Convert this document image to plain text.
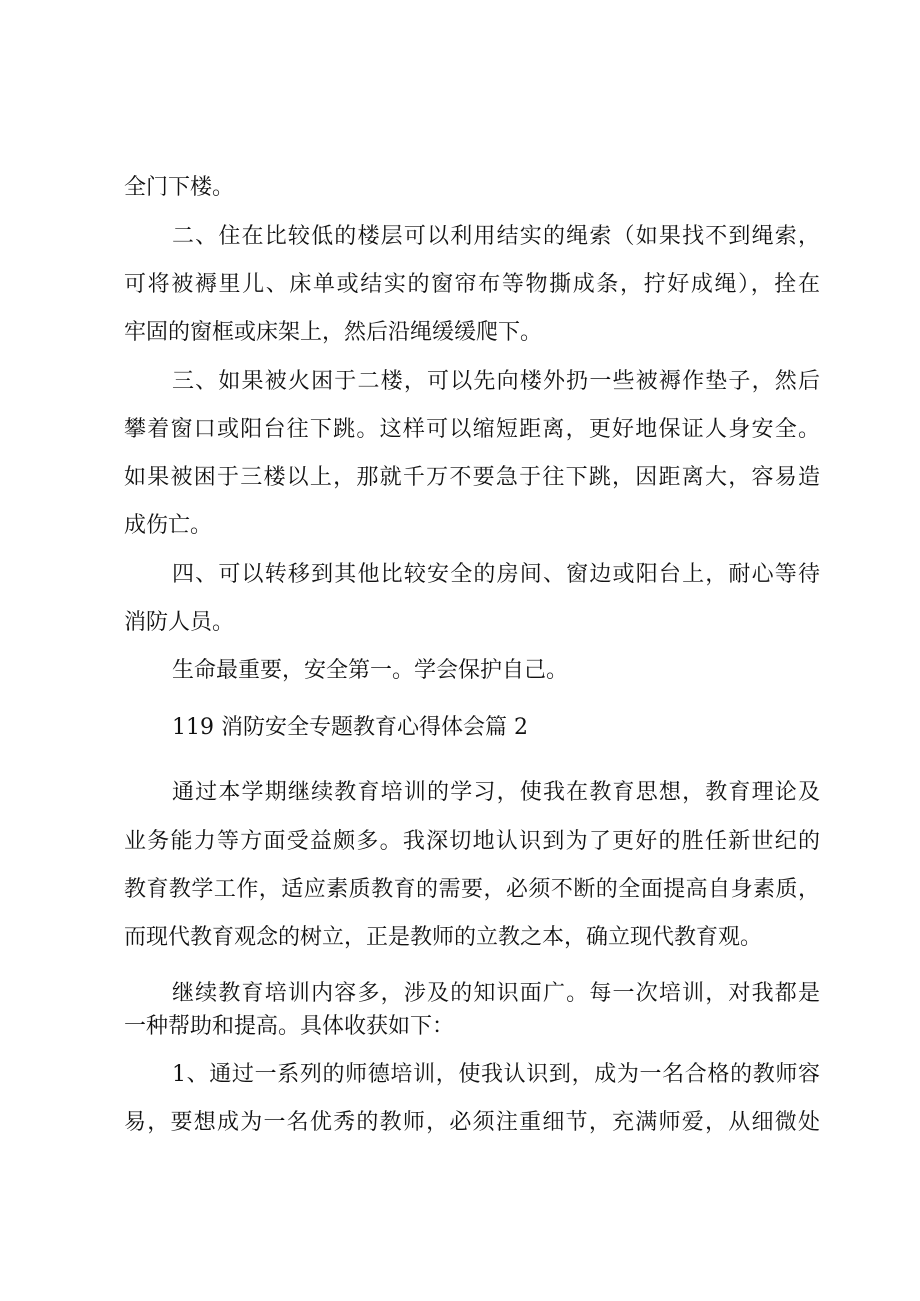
全门下楼。

二、住在比较低的楼层可以利用结实的绳索（如果找不到绳索，

可将被褥里儿、床单或结实的窗帘布等物撕成条，拧好成绳），拴在

牢固的窗框或床架上，然后沿绳缓缓爬下。

三、如果被火困于二楼，可以先向楼外扔一些被褥作垫子，然后

攀着窗口或阳台往下跳。这样可以缩短距离，更好地保证人身安全。

如果被困于三楼以上，那就千万不要急于往下跳，因距离大，容易造

成伤亡。

四、可以转移到其他比较安全的房间、窗边或阳台上，耐心等待

消防人员。

生命最重要，安全第一。学会保护自己。

119 消防安全专题教育心得体会篇 2

通过本学期继续教育培训的学习，使我在教育思想，教育理论及

业务能力等方面受益颇多。我深切地认识到为了更好的胜任新世纪的

教育教学工作，适应素质教育的需要，必须不断的全面提高自身素质，

而现代教育观念的树立，正是教师的立教之本，确立现代教育观。

继续教育培训内容多，涉及的知识面广。每一次培训，对我都是

一种帮助和提高。具体收获如下：

1、通过一系列的师德培训，使我认识到，成为一名合格的教师容

易，要想成为一名优秀的教师，必须注重细节，充满师爱，从细微处
